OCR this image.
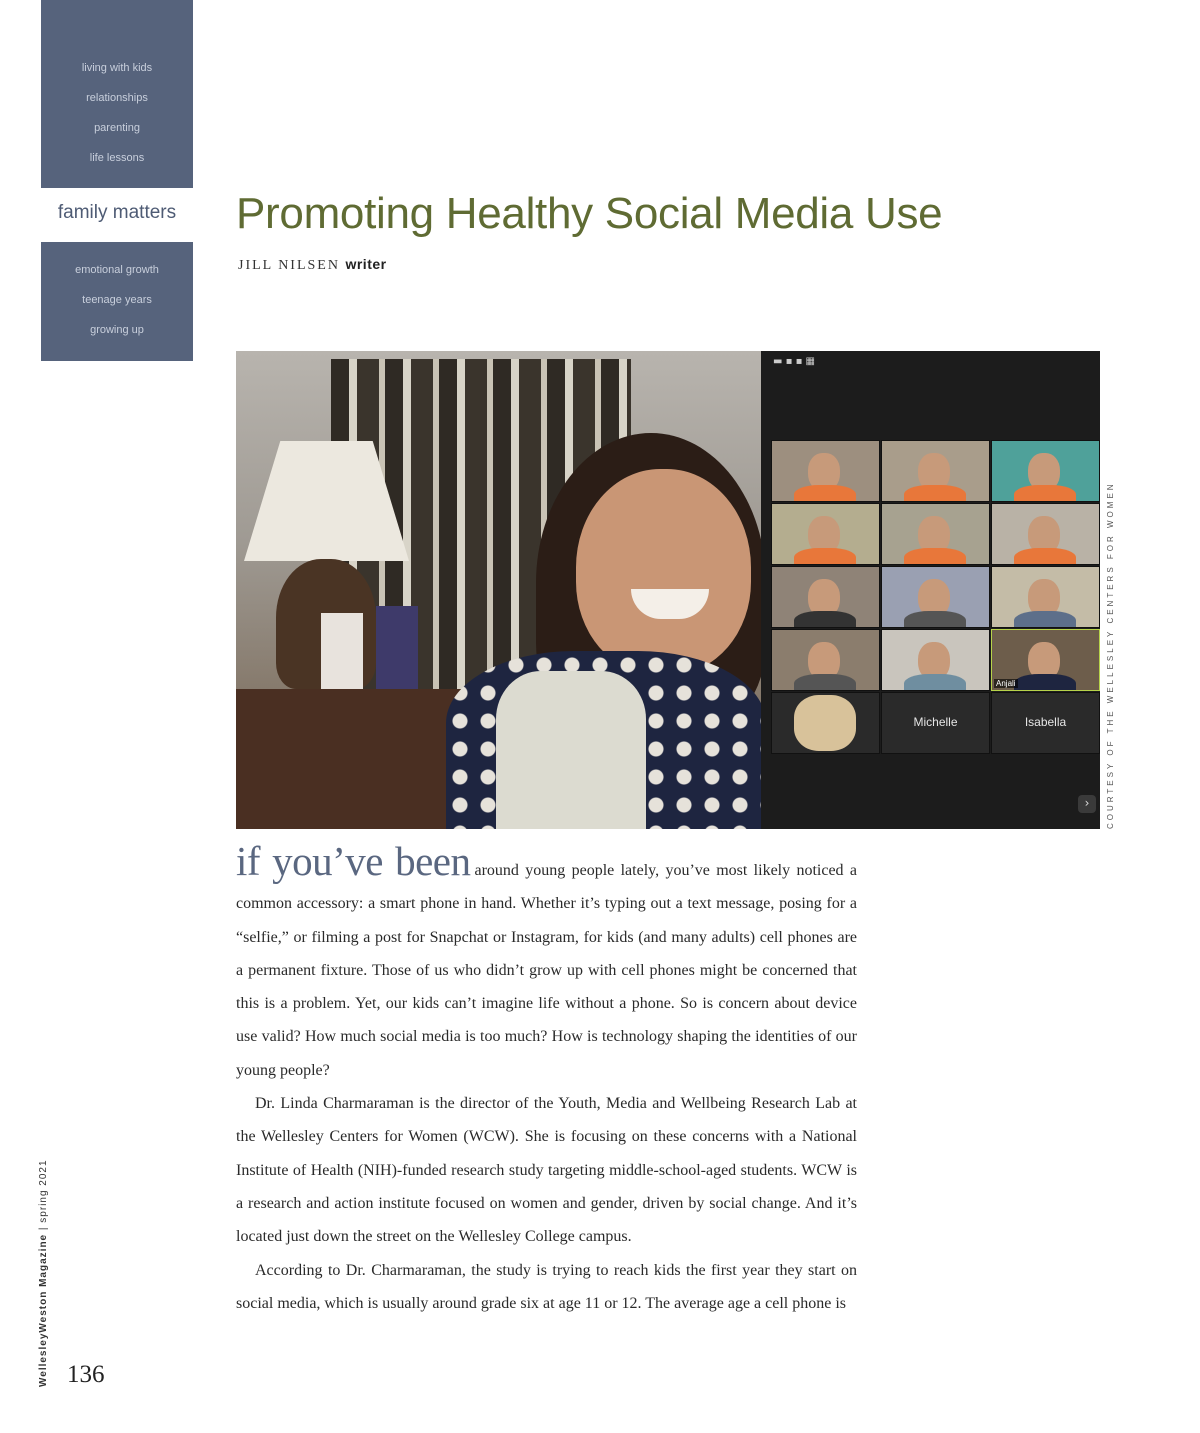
living with kids
relationships
parenting
life lessons
family matters
emotional growth
teenage years
growing up
Promoting Healthy Social Media Use
JILL NILSEN writer
▬ ▪ ▪ ▦
Anjali
Michelle	Isabella
›	COURTESY OF THE WELLESLEY CENTERS FOR WOMEN

if you’ve been around young people lately, you’ve most likely noticed a common accessory: a smart phone in hand. Whether it’s typing out a text message, posing for a “selfie,” or filming a post for Snapchat or Instagram, for kids (and many adults) cell phones are a permanent fixture. Those of us who didn’t grow up with cell phones might be concerned that this is a problem. Yet, our kids can’t imagine life without a phone. So is concern about device use valid? How much social media is too much? How is technology shaping the identities of our young people?

Dr. Linda Charmaraman is the director of the Youth, Media and Wellbeing Research Lab at the Wellesley Centers for Women (WCW). She is focusing on these concerns with a National Institute of Health (NIH)-funded research study targeting middle-school-aged students. WCW is a research and action institute focused on women and gender, driven by social change. And it’s located just down the street on the Wellesley College campus.

According to Dr. Charmaraman, the study is trying to reach kids the first year they start on social media, which is usually around grade six at age 11 or 12. The average age a cell phone is

WellesleyWeston Magazine | spring 2021
136
